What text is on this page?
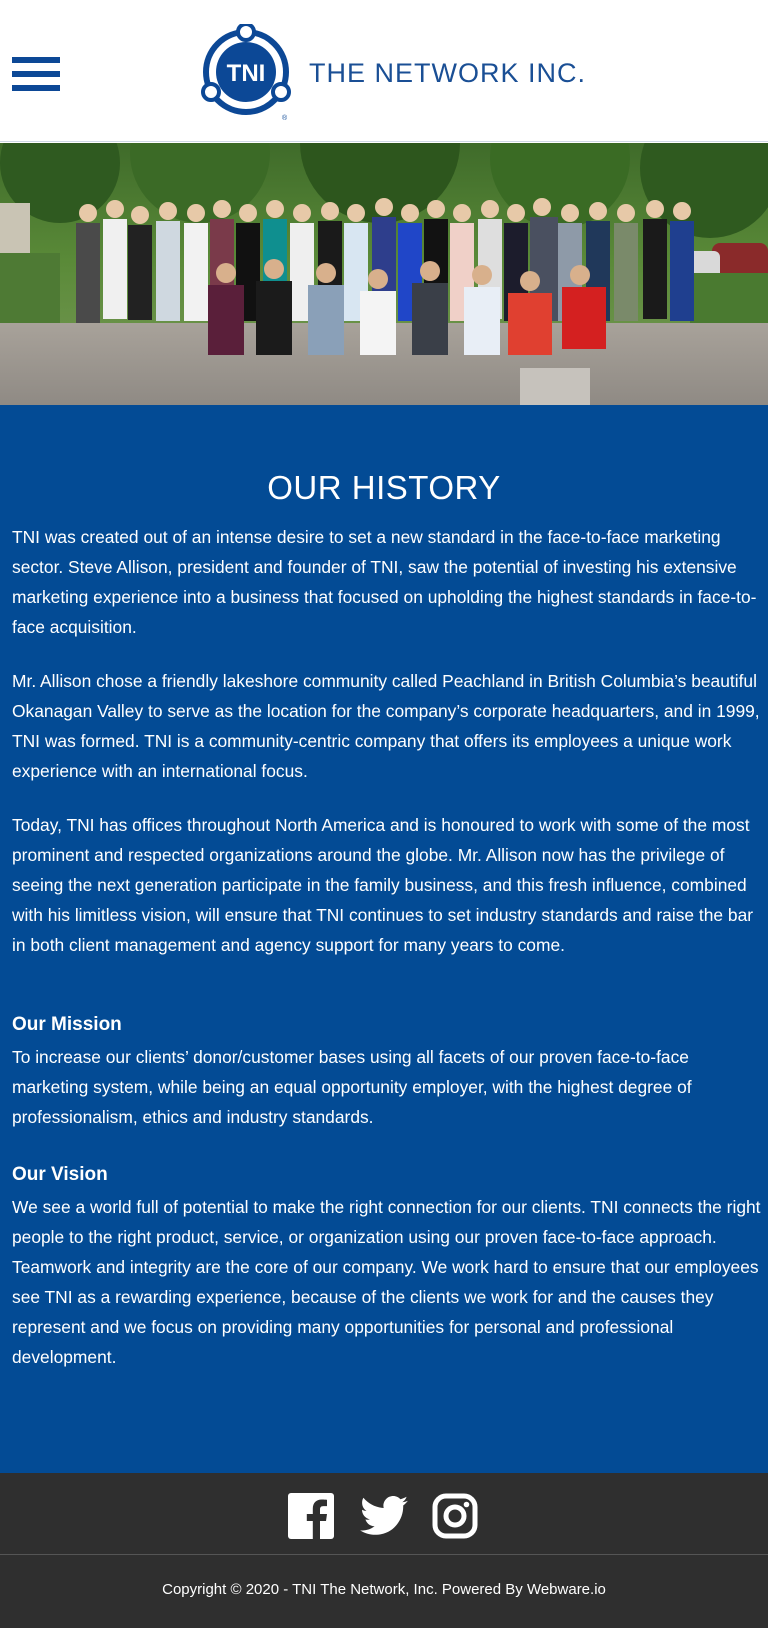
TNI
®
THE NETWORK INC.
OUR HISTORY

TNI was created out of an intense desire to set a new standard in the face-to-face marketing sector. Steve Allison, president and founder of TNI, saw the potential of investing his extensive marketing experience into a business that focused on upholding the highest standards in face-to-face acquisition.

Mr. Allison chose a friendly lakeshore community called Peachland in British Columbia’s beautiful Okanagan Valley to serve as the location for the company’s corporate headquarters, and in 1999, TNI was formed. TNI is a community-centric company that offers its employees a unique work experience with an international focus.

Today, TNI has offices throughout North America and is honoured to work with some of the most prominent and respected organizations around the globe. Mr. Allison now has the privilege of seeing the next generation participate in the family business, and this fresh influence, combined with his limitless vision, will ensure that TNI continues to set industry standards and raise the bar in both client management and agency support for many years to come.

Our Mission

To increase our clients’ donor/customer bases using all facets of our proven face-to-face marketing system, while being an equal opportunity employer, with the highest degree of professionalism, ethics and industry standards.

Our Vision

We see a world full of potential to make the right connection for our clients. TNI connects the right people to the right product, service, or organization using our proven face-to-face approach. Teamwork and integrity are the core of our company. We work hard to ensure that our employees see TNI as a rewarding experience, because of the clients we work for and the causes they represent and we focus on providing many opportunities for personal and professional development.

Copyright © 2020 - TNI The Network, Inc. Powered By Webware.io
